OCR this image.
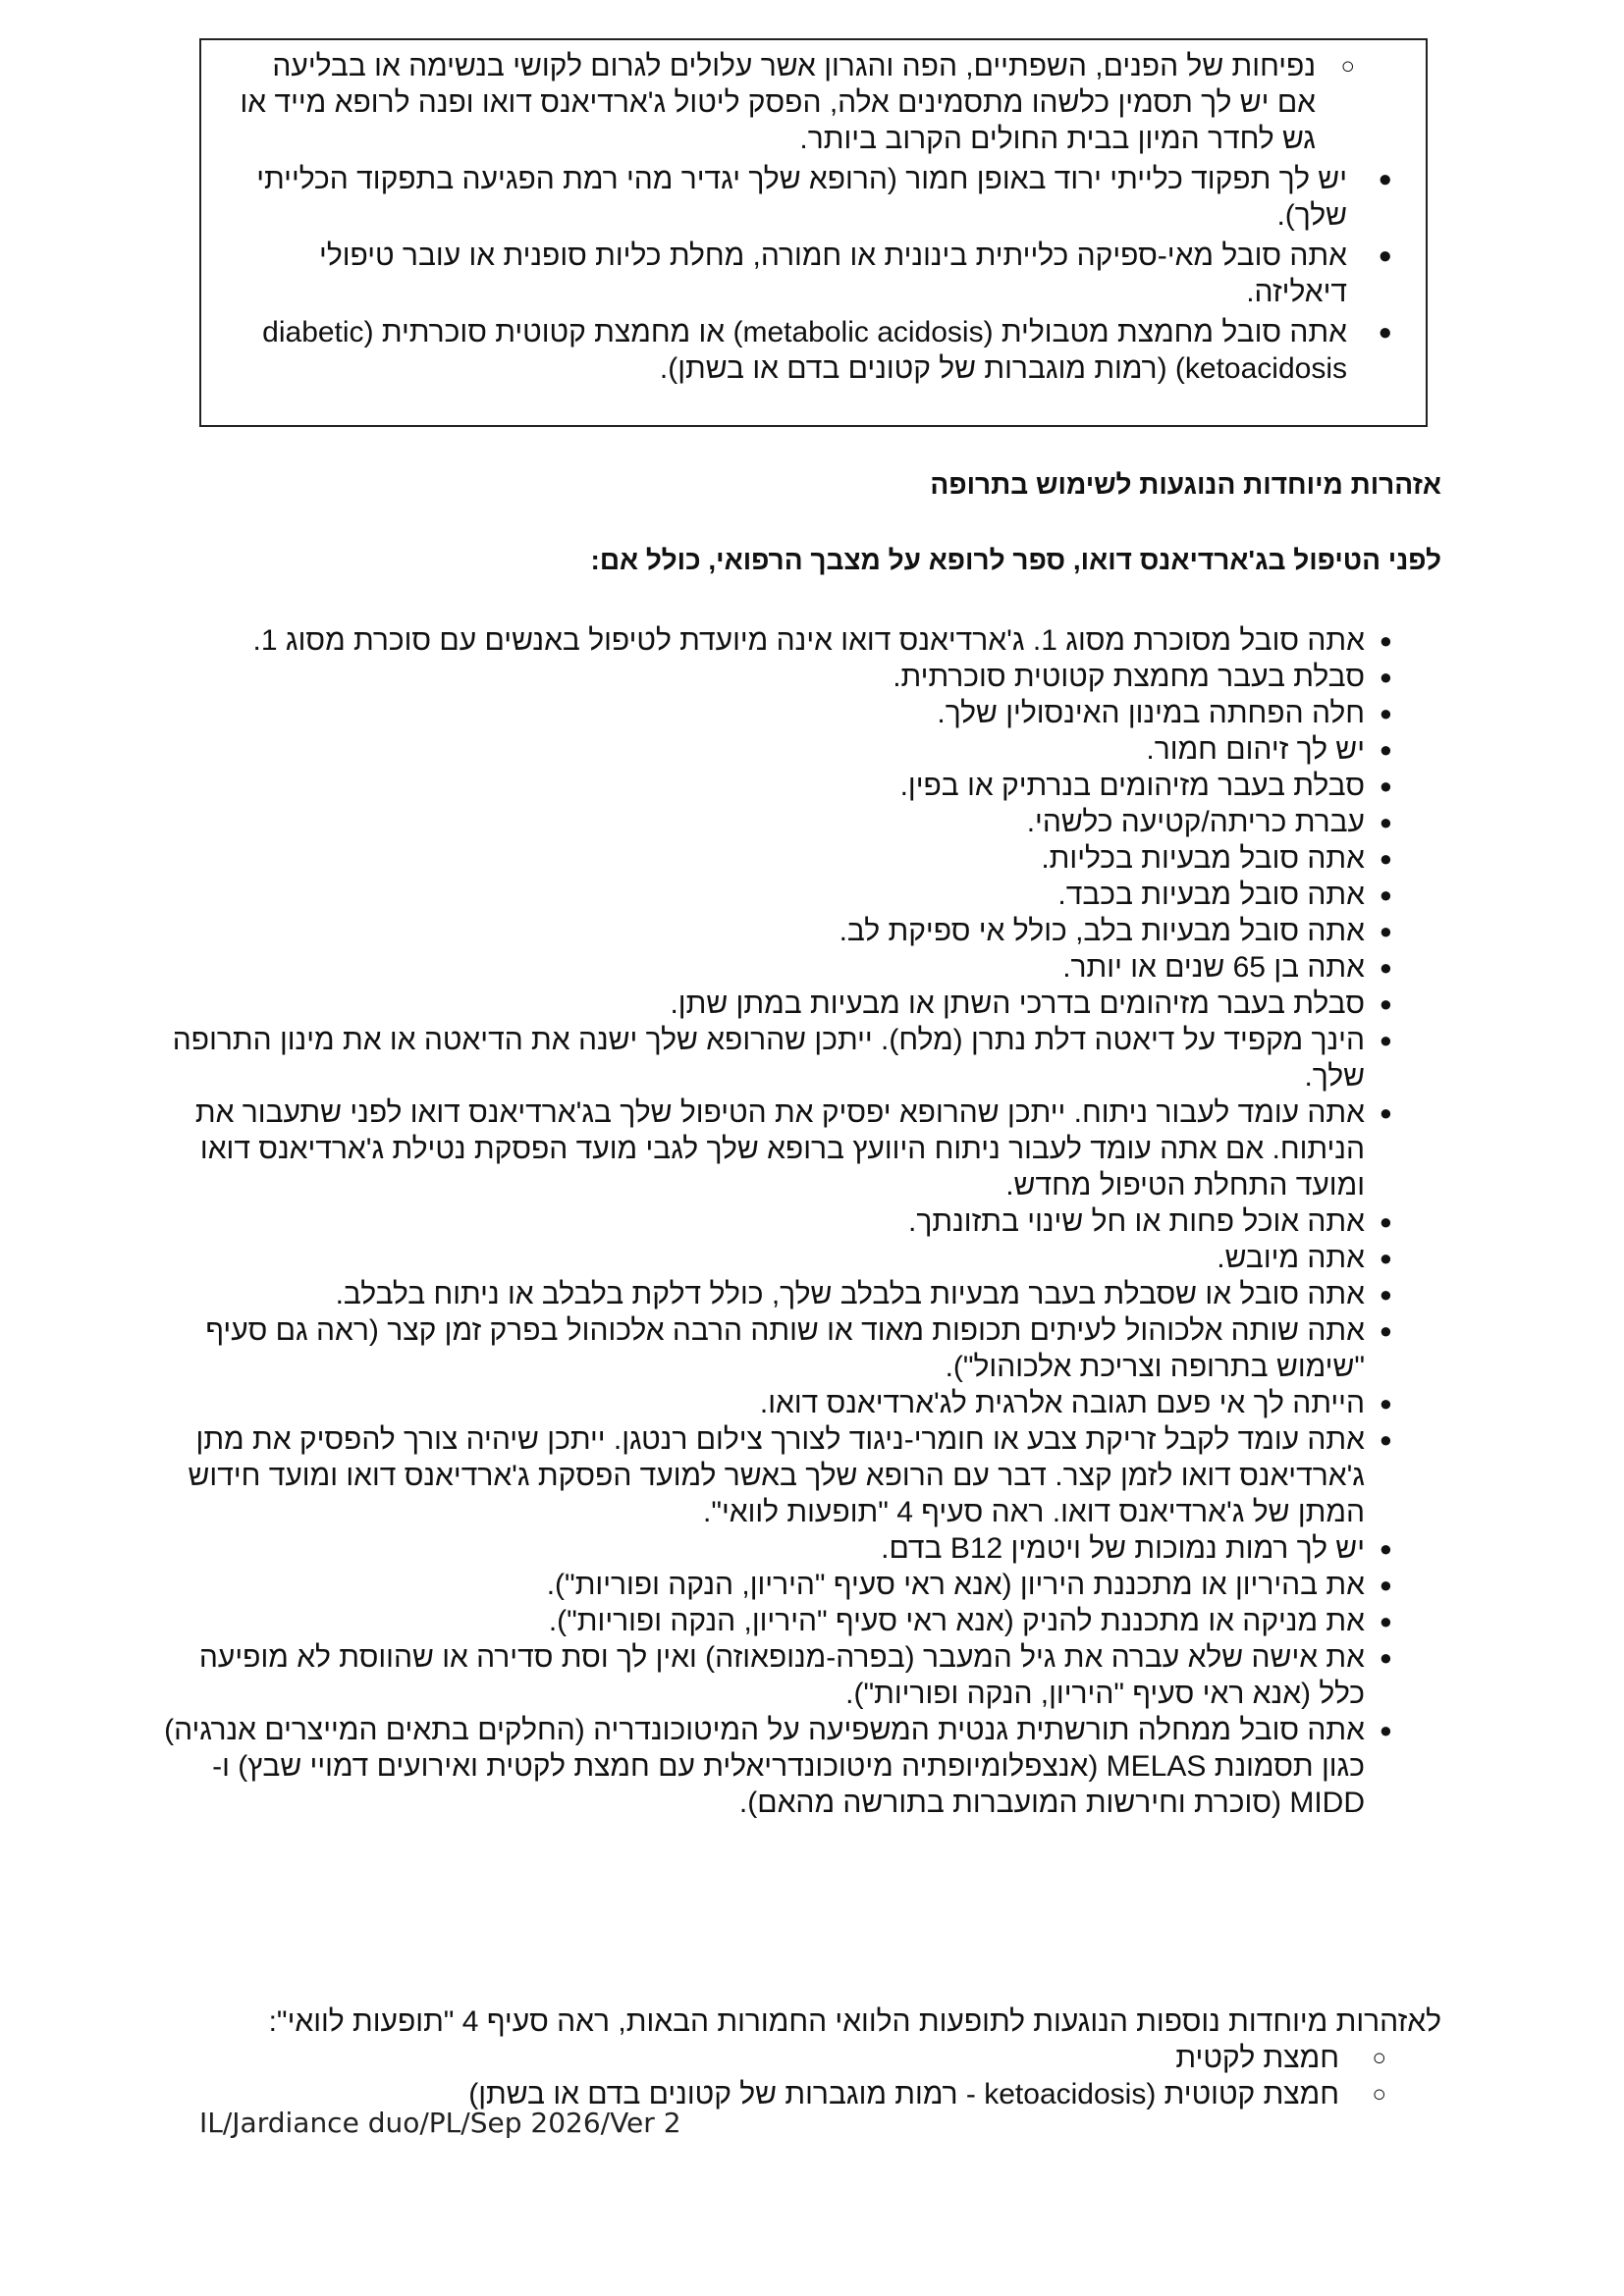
○
נפיחות של הפנים, השפתיים, הפה והגרון אשר עלולים לגרום לקושי בנשימה או בבליעה
אם יש לך תסמין כלשהו מתסמינים אלה, הפסק ליטול ג'ארדיאנס דואו ופנה לרופא מייד או גש לחדר המיון בבית החולים הקרוב ביותר.
●
יש לך תפקוד כלייתי ירוד באופן חמור (הרופא שלך יגדיר מהי רמת הפגיעה בתפקוד הכלייתי שלך).
●
אתה סובל מאי-ספיקה כלייתית בינונית או חמורה, מחלת כליות סופנית או עובר טיפולי דיאליזה.
●
אתה סובל מחמצת מטבולית (metabolic acidosis) או מחמצת קטוטית סוכרתית (diabetic ketoacidosis) (רמות מוגברות של קטונים בדם או בשתן).
אזהרות מיוחדות הנוגעות לשימוש בתרופה
לפני הטיפול בג'ארדיאנס דואו, ספר לרופא על מצבך הרפואי, כולל אם:
●
אתה סובל מסוכרת מסוג 1. ג'ארדיאנס דואו אינה מיועדת לטיפול באנשים עם סוכרת מסוג 1.
●
סבלת בעבר מחמצת קטוטית סוכרתית.
●
חלה הפחתה במינון האינסולין שלך.
●
יש לך זיהום חמור.
●
סבלת בעבר מזיהומים בנרתיק או בפין.
●
עברת כריתה/קטיעה כלשהי.
●
אתה סובל מבעיות בכליות.
●
אתה סובל מבעיות בכבד.
●
אתה סובל מבעיות בלב, כולל אי ספיקת לב.
●
אתה בן 65 שנים או יותר.
●
סבלת בעבר מזיהומים בדרכי השתן או מבעיות במתן שתן.
●
הינך מקפיד על דיאטה דלת נתרן (מלח). ייתכן שהרופא שלך ישנה את הדיאטה או את מינון התרופה שלך.
●
אתה עומד לעבור ניתוח. ייתכן שהרופא יפסיק את הטיפול שלך בג'ארדיאנס דואו לפני שתעבור את הניתוח. אם אתה עומד לעבור ניתוח היוועץ ברופא שלך לגבי מועד הפסקת נטילת ג'ארדיאנס דואו ומועד התחלת הטיפול מחדש.
●
אתה אוכל פחות או חל שינוי בתזונתך.
●
אתה מיובש.
●
אתה סובל או שסבלת בעבר מבעיות בלבלב שלך, כולל דלקת בלבלב או ניתוח בלבלב.
●
אתה שותה אלכוהול לעיתים תכופות מאוד או שותה הרבה אלכוהול בפרק זמן קצר (ראה גם סעיף "שימוש בתרופה וצריכת אלכוהול").
●
הייתה לך אי פעם תגובה אלרגית לג'ארדיאנס דואו.
●
אתה עומד לקבל זריקת צבע או חומרי-ניגוד לצורך צילום רנטגן. ייתכן שיהיה צורך להפסיק את מתן ג'ארדיאנס דואו לזמן קצר. דבר עם הרופא שלך באשר למועד הפסקת ג'ארדיאנס דואו ומועד חידוש המתן של ג'ארדיאנס דואו. ראה סעיף 4 "תופעות לוואי".
●
יש לך רמות נמוכות של ויטמין B12 בדם.
●
את בהיריון או מתכננת היריון (אנא ראי סעיף "היריון, הנקה ופוריות").
●
את מניקה או מתכננת להניק (אנא ראי סעיף "היריון, הנקה ופוריות").
●
את אישה שלא עברה את גיל המעבר (בפרה-מנופאוזה) ואין לך וסת סדירה או שהווסת לא מופיעה כלל (אנא ראי סעיף "היריון, הנקה ופוריות").
●
אתה סובל ממחלה תורשתית גנטית המשפיעה על המיטוכונדריה (החלקים בתאים המייצרים אנרגיה) כגון תסמונת MELAS (אנצפלומיופתיה מיטוכונדריאלית עם חמצת לקטית ואירועים דמויי שבץ) ו- MIDD (סוכרת וחירשות המועברות בתורשה מהאם).
לאזהרות מיוחדות נוספות הנוגעות לתופעות הלוואי החמורות הבאות, ראה סעיף 4 "תופעות לוואי":
○
חמצת לקטית
○
חמצת קטוטית (ketoacidosis - רמות מוגברות של קטונים בדם או בשתן)
IL/Jardiance duo/PL/Sep 2026/Ver 2
